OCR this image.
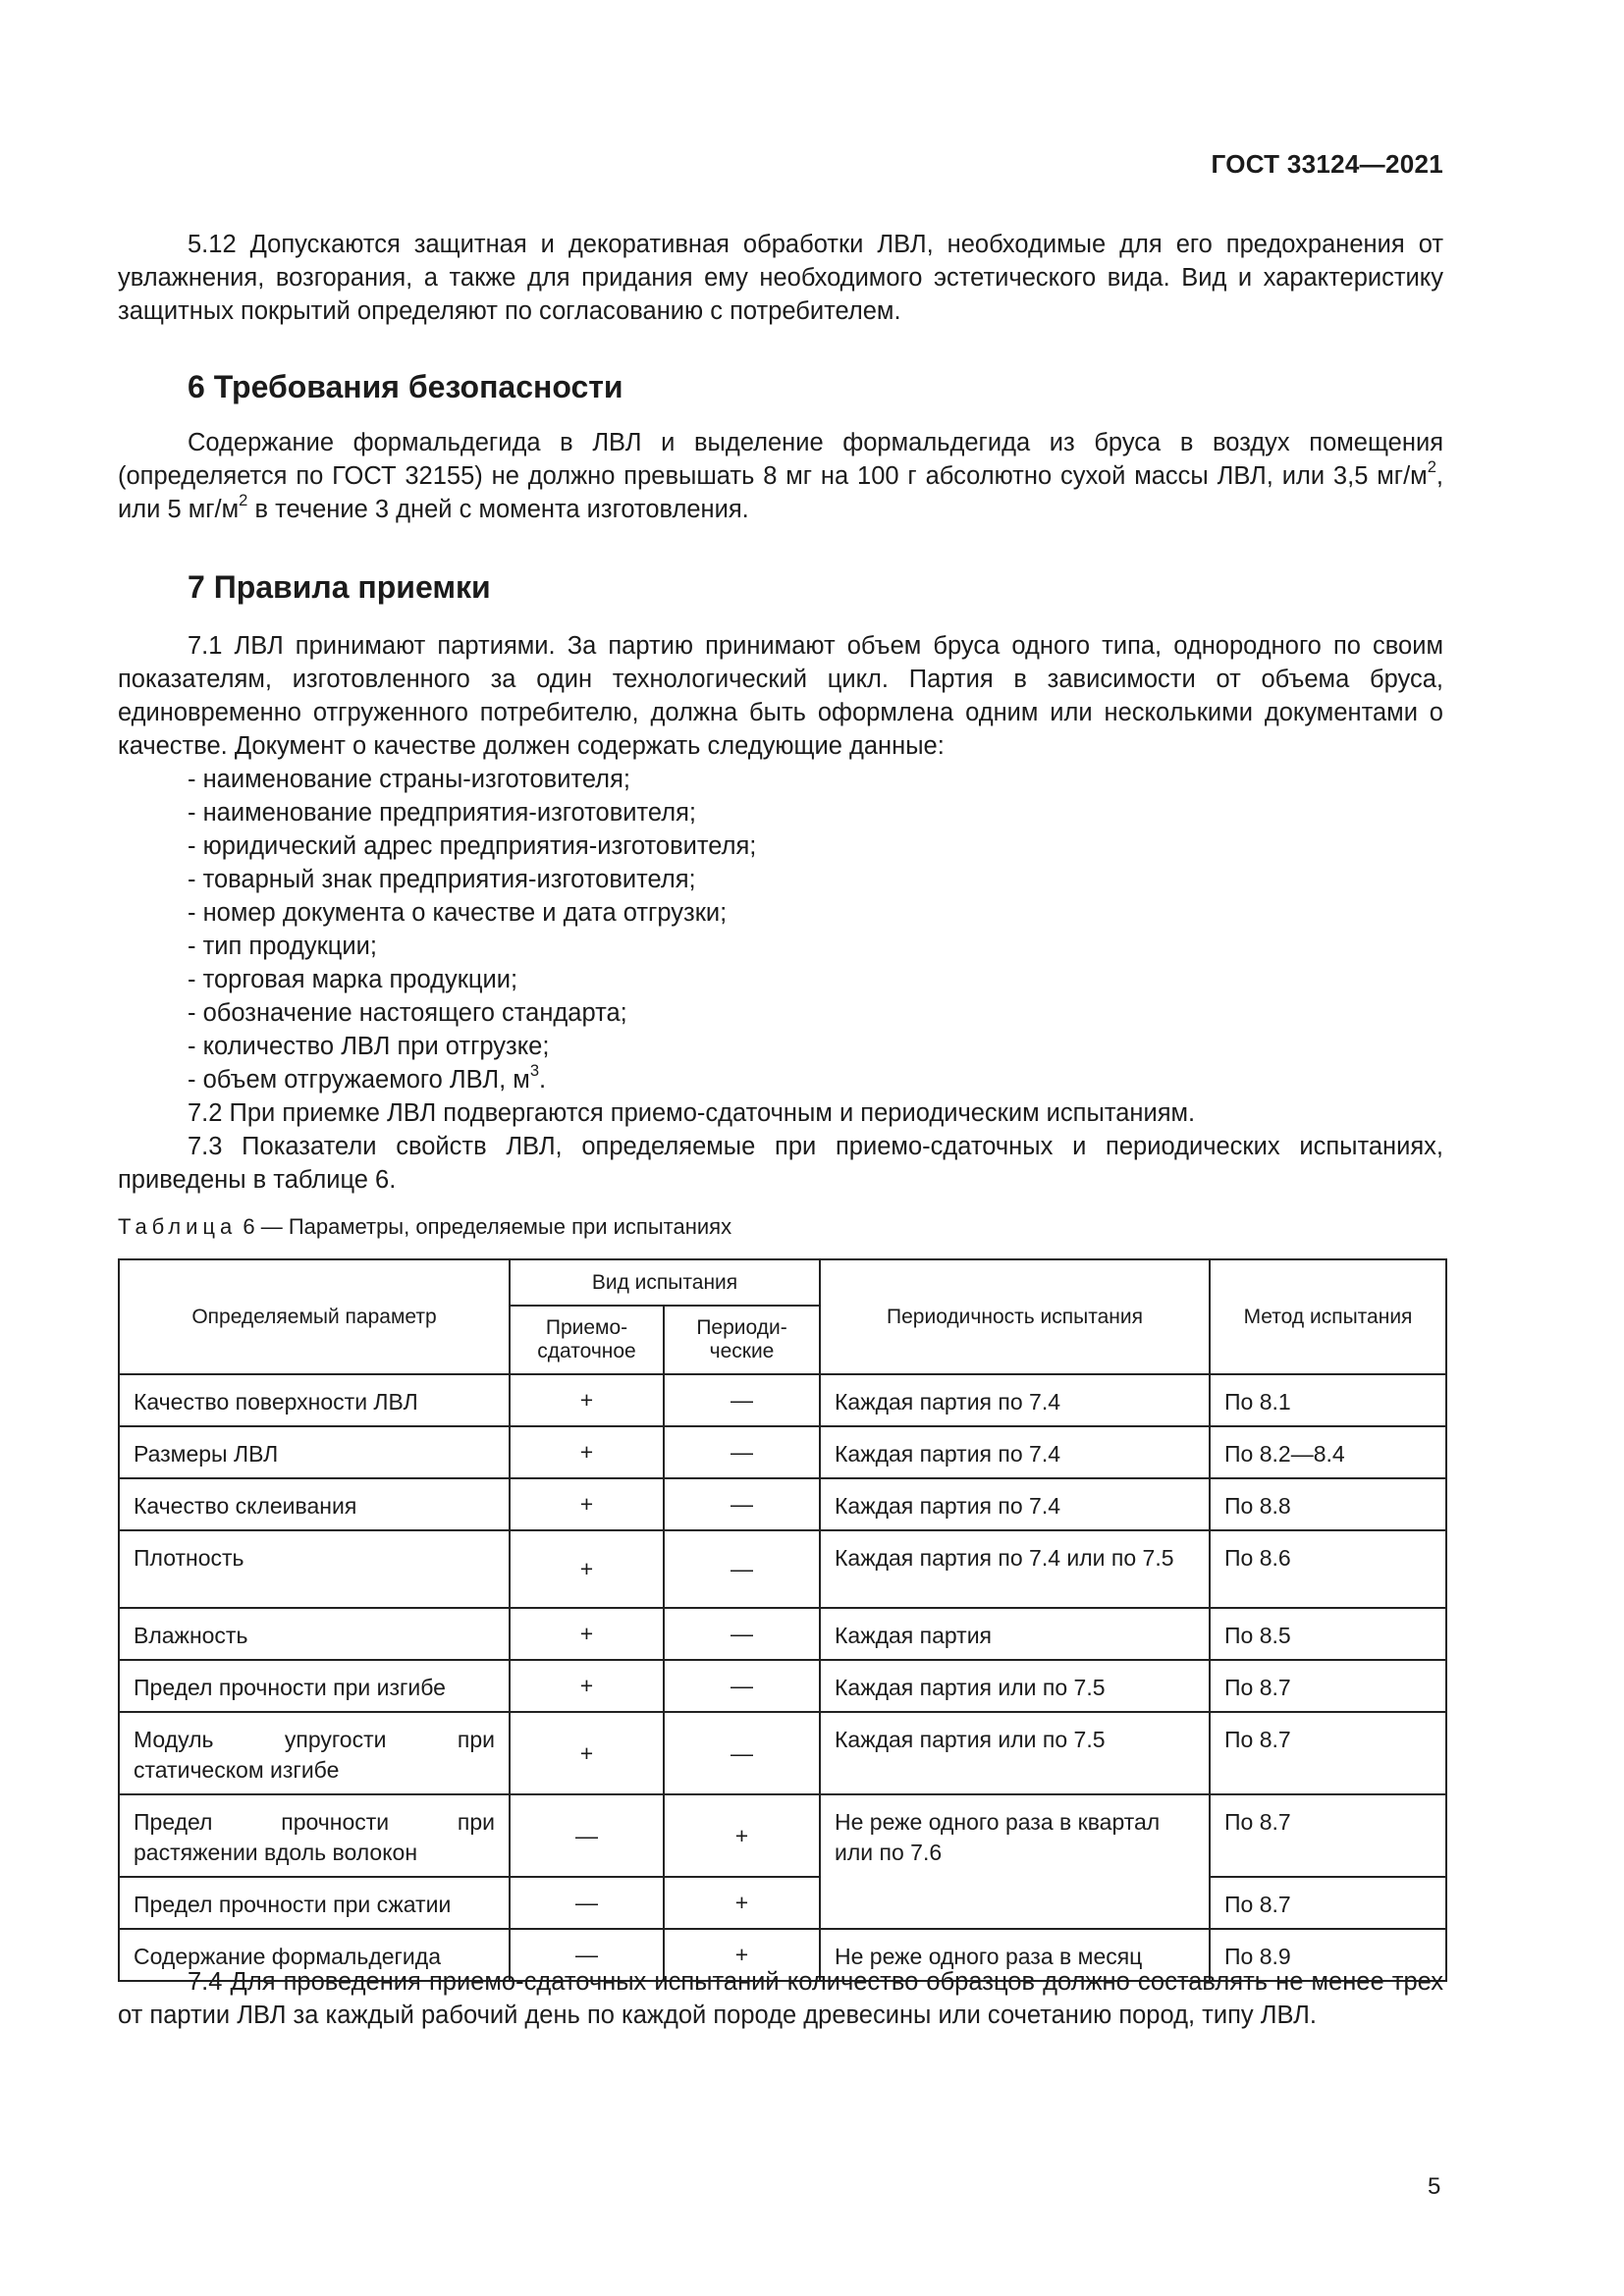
ГОСТ 33124—2021

5.12 Допускаются защитная и декоративная обработки ЛВЛ, необходимые для его предохранения от увлажнения, возгорания, а также для придания ему необходимого эстетического вида. Вид и характеристику защитных покрытий определяют по согласованию с потребителем.

6 Требования безопасности

Содержание формальдегида в ЛВЛ и выделение формальдегида из бруса в воздух помещения (определяется по ГОСТ 32155) не должно превышать 8 мг на 100 г абсолютно сухой массы ЛВЛ, или 3,5 $мг/м^2$, или 5 $мг/м^2$ в течение 3 дней с момента изготовления.

7 Правила приемки

7.1 ЛВЛ принимают партиями. За партию принимают объем бруса одного типа, однородного по своим показателям, изготовленного за один технологический цикл. Партия в зависимости от объема бруса, единовременно отгруженного потребителю, должна быть оформлена одним или несколькими документами о качестве. Документ о качестве должен содержать следующие данные:

- наименование страны-изготовителя;

- наименование предприятия-изготовителя;

- юридический адрес предприятия-изготовителя;

- товарный знак предприятия-изготовителя;

- номер документа о качестве и дата отгрузки;

- тип продукции;

- торговая марка продукции;

- обозначение настоящего стандарта;

- количество ЛВЛ при отгрузке;

- объем отгружаемого ЛВЛ, $м^3$.

7.2 При приемке ЛВЛ подвергаются приемо-сдаточным и периодическим испытаниям.

7.3 Показатели свойств ЛВЛ, определяемые при приемо-сдаточных и периодических испытаниях, приведены в таблице 6.

Таблица 6 — Параметры, определяемые при испытаниях
Определяемый параметр	Вид испытания		Периодичность испытания	Метод испытания
	Приемо-сдаточное	Периоди-ческие		
Качество поверхности ЛВЛ	+	—	Каждая партия по 7.4	По 8.1
Размеры ЛВЛ	+	—	Каждая партия по 7.4	По 8.2—8.4
Качество склеивания	+	—	Каждая партия по 7.4	По 8.8
Плотность	+	—	Каждая партия по 7.4 или по 7.5	По 8.6
Влажность	+	—	Каждая партия	По 8.5
Предел прочности при изгибе	+	—	Каждая партия или по 7.5	По 8.7
Модуль упругости при статическом изгибе	+	—	Каждая партия или по 7.5	По 8.7
Предел прочности при растяжении вдоль волокон	—	+	Не реже одного раза в квартал или по 7.6	По 8.7
Предел прочности при сжатии	—	+		По 8.7
Содержание формальдегида	—	+	Не реже одного раза в месяц	По 8.9

7.4 Для проведения приемо-сдаточных испытаний количество образцов должно составлять не менее трех от партии ЛВЛ за каждый рабочий день по каждой породе древесины или сочетанию пород, типу ЛВЛ.

5
